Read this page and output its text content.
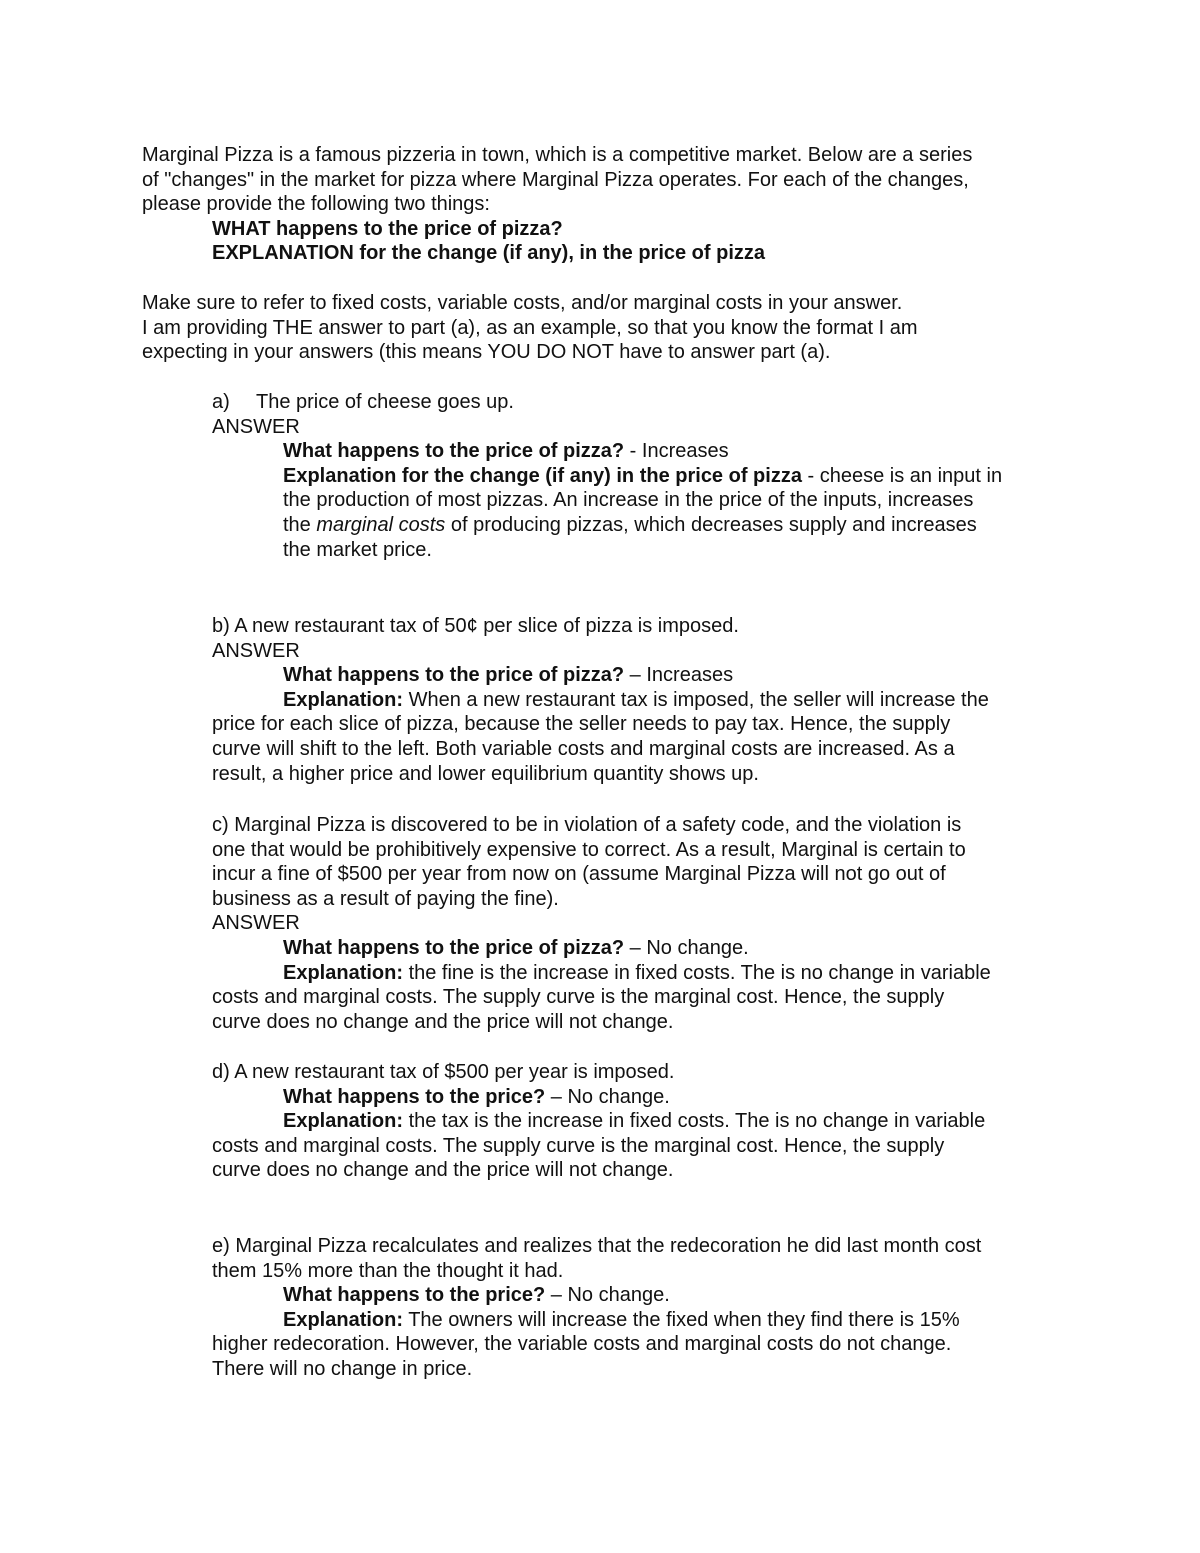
Marginal Pizza is a famous pizzeria in town, which is a competitive market. Below are a series
of "changes" in the market for pizza where Marginal Pizza operates. For each of the changes,
please provide the following two things:
WHAT happens to the price of pizza?
EXPLANATION for the change (if any), in the price of pizza
Make sure to refer to fixed costs, variable costs, and/or marginal costs in your answer.
I am providing THE answer to part (a), as an example, so that you know the format I am
expecting in your answers (this means YOU DO NOT have to answer part (a).
a) The price of cheese goes up.
ANSWER
What happens to the price of pizza? - Increases
Explanation for the change (if any) in the price of pizza - cheese is an input in
the production of most pizzas. An increase in the price of the inputs, increases
the marginal costs of producing pizzas, which decreases supply and increases
the market price.
b) A new restaurant tax of 50¢ per slice of pizza is imposed.
ANSWER
What happens to the price of pizza? – Increases
Explanation: When a new restaurant tax is imposed, the seller will increase the
price for each slice of pizza, because the seller needs to pay tax. Hence, the supply
curve will shift to the left. Both variable costs and marginal costs are increased. As a
result, a higher price and lower equilibrium quantity shows up.
c) Marginal Pizza is discovered to be in violation of a safety code, and the violation is
one that would be prohibitively expensive to correct. As a result, Marginal is certain to
incur a fine of $500 per year from now on (assume Marginal Pizza will not go out of
business as a result of paying the fine).
ANSWER
What happens to the price of pizza? – No change.
Explanation: the fine is the increase in fixed costs. The is no change in variable
costs and marginal costs. The supply curve is the marginal cost. Hence, the supply
curve does no change and the price will not change.
d) A new restaurant tax of $500 per year is imposed.
What happens to the price? – No change.
Explanation: the tax is the increase in fixed costs. The is no change in variable
costs and marginal costs. The supply curve is the marginal cost. Hence, the supply
curve does no change and the price will not change.
e) Marginal Pizza recalculates and realizes that the redecoration he did last month cost
them 15% more than the thought it had.
What happens to the price? – No change.
Explanation: The owners will increase the fixed when they find there is 15%
higher redecoration. However, the variable costs and marginal costs do not change.
There will no change in price.
